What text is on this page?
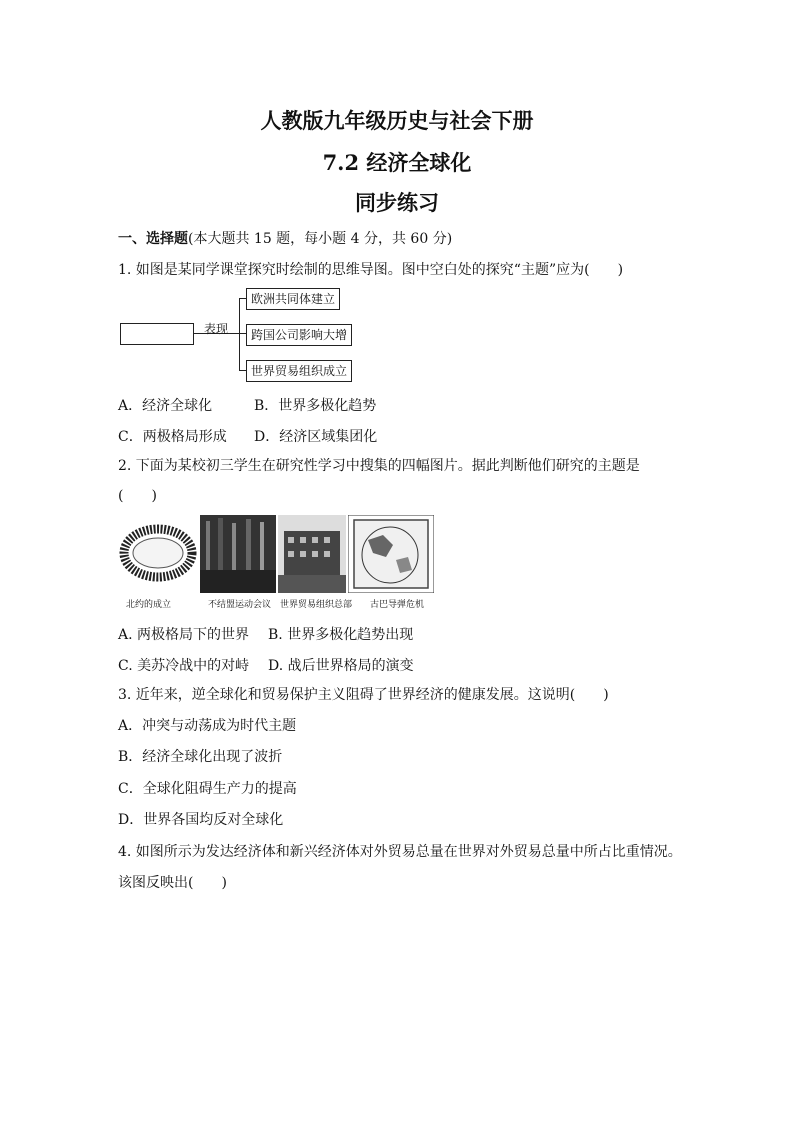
人教版九年级历史与社会下册
7.2 经济全球化
同步练习
一、选择题(本大题共 15 题，每小题 4 分，共 60 分)
1. 如图是某同学课堂探究时绘制的思维导图。图中空白处的探究“主题”应为(　　)
表现
欧洲共同体建立
跨国公司影响大增
世界贸易组织成立
A．经济全球化	B．世界多极化趋势
C．两极格局形成 D．经济区域集团化
2. 下面为某校初三学生在研究性学习中搜集的四幅图片。据此判断他们研究的主题是
(　　)
北约的成立	不结盟运动会议 世界贸易组织总部 古巴导弹危机
A. 两极格局下的世界 B. 世界多极化趋势出现
C. 美苏冷战中的对峙 D. 战后世界格局的演变
3. 近年来，逆全球化和贸易保护主义阻碍了世界经济的健康发展。这说明(　　)
A．冲突与动荡成为时代主题
B．经济全球化出现了波折
C．全球化阻碍生产力的提高
D．世界各国均反对全球化
4. 如图所示为发达经济体和新兴经济体对外贸易总量在世界对外贸易总量中所占比重情况。
该图反映出(　　)
